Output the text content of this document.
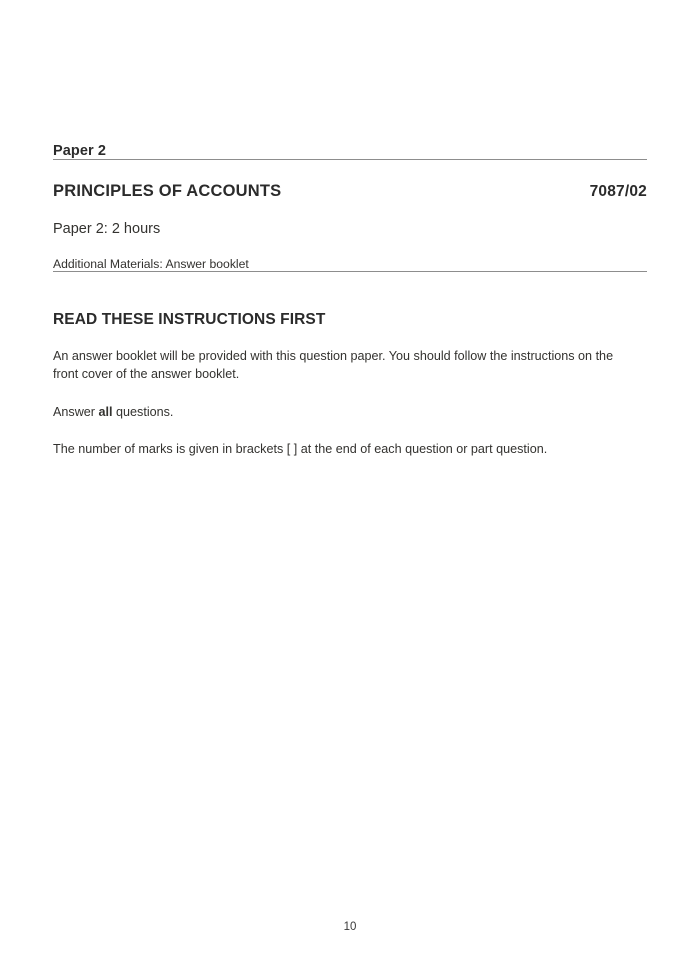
Paper 2
PRINCIPLES OF ACCOUNTS	7087/02
Paper 2: 2 hours
Additional Materials: Answer booklet
READ THESE INSTRUCTIONS FIRST

An answer booklet will be provided with this question paper. You should follow the instructions on the front cover of the answer booklet.

Answer all questions.

The number of marks is given in brackets [ ] at the end of each question or part question.

10
